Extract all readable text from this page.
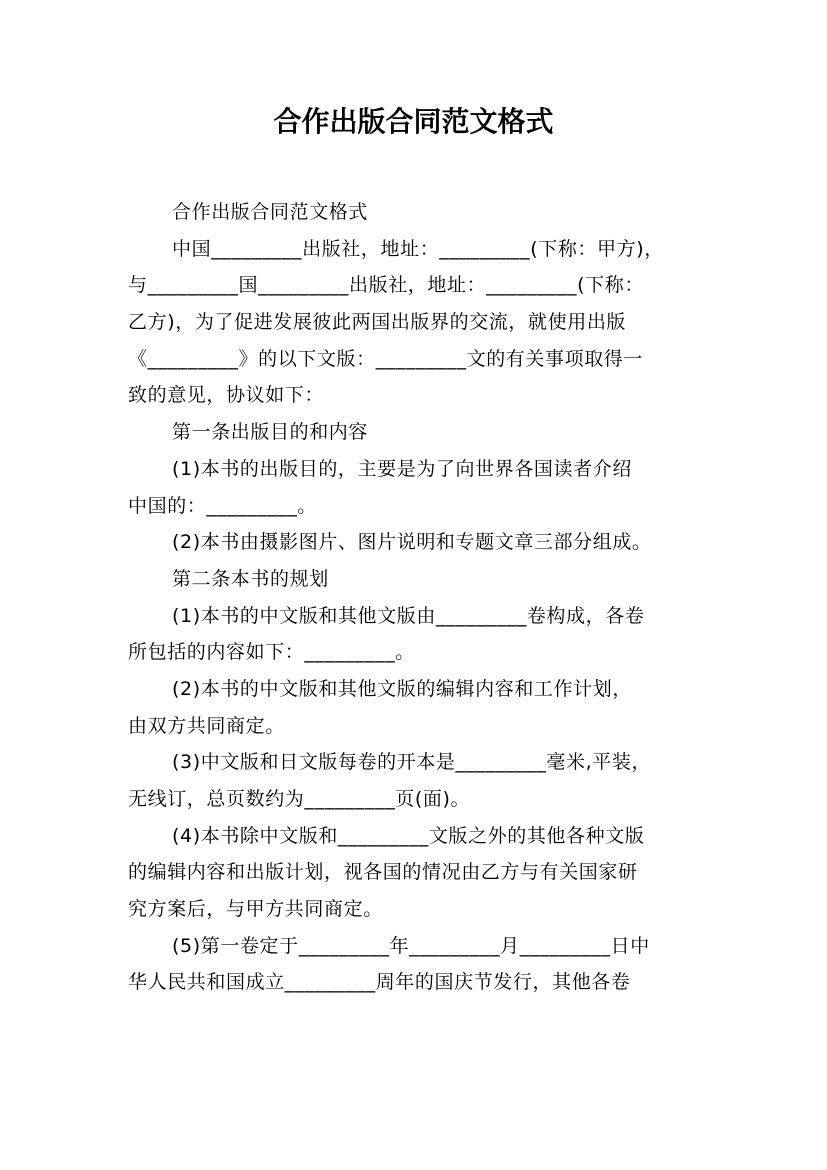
合作出版合同范文格式
合作出版合同范文格式
中国_________出版社，地址：_________(下称：甲方)，
与_________国_________出版社，地址：_________(下称：
乙方)，为了促进发展彼此两国出版界的交流，就使用出版
《_________》的以下文版：_________文的有关事项取得一
致的意见，协议如下：
第一条出版目的和内容
(1)本书的出版目的，主要是为了向世界各国读者介绍
中国的：_________。
(2)本书由摄影图片、图片说明和专题文章三部分组成。
第二条本书的规划
(1)本书的中文版和其他文版由_________卷构成，各卷
所包括的内容如下：_________。
(2)本书的中文版和其他文版的编辑内容和工作计划，
由双方共同商定。
(3)中文版和日文版每卷的开本是_________毫米,平装，
无线订，总页数约为_________页(面)。
(4)本书除中文版和_________文版之外的其他各种文版
的编辑内容和出版计划，视各国的情况由乙方与有关国家研
究方案后，与甲方共同商定。
(5)第一卷定于_________年_________月_________日中
华人民共和国成立_________周年的国庆节发行，其他各卷
